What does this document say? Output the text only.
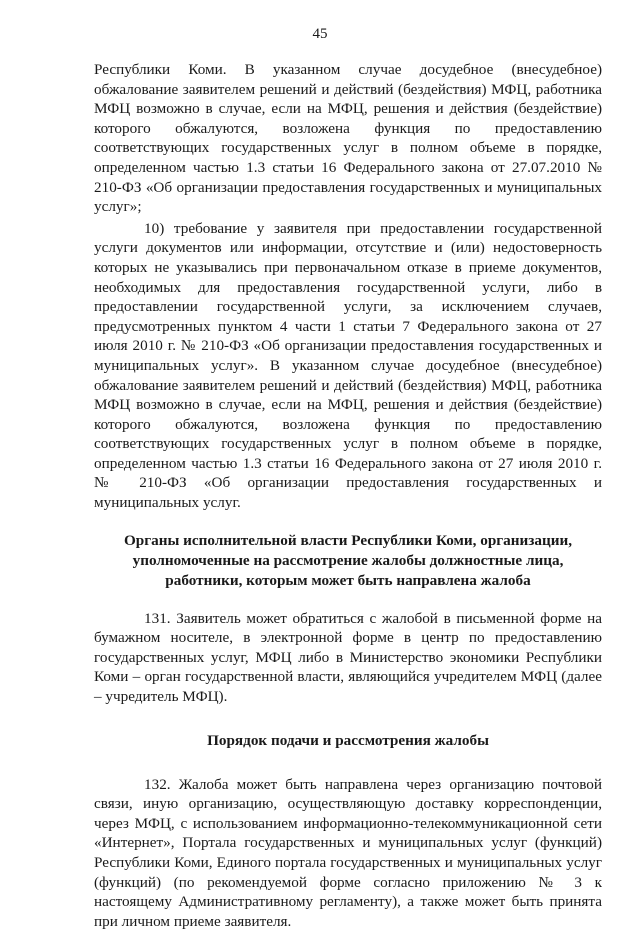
45

Республики Коми. В указанном случае досудебное (внесудебное) обжалование заявителем решений и действий (бездействия) МФЦ, работника МФЦ возможно в случае, если на МФЦ, решения и действия (бездействие) которого обжалуются, возложена функция по предоставлению соответствующих государственных услуг в полном объеме в порядке, определенном частью 1.3 статьи 16 Федерального закона от 27.07.2010 № 210-ФЗ «Об организации предоставления государственных и муниципальных услуг»;

10) требование у заявителя при предоставлении государственной услуги документов или информации, отсутствие и (или) недостоверность которых не указывались при первоначальном отказе в приеме документов, необходимых для предоставления государственной услуги, либо в предоставлении государственной услуги, за исключением случаев, предусмотренных пунктом 4 части 1 статьи 7 Федерального закона от 27 июля 2010 г. № 210-ФЗ «Об организации предоставления государственных и муниципальных услуг». В указанном случае досудебное (внесудебное) обжалование заявителем решений и действий (бездействия) МФЦ, работника МФЦ возможно в случае, если на МФЦ, решения и действия (бездействие) которого обжалуются, возложена функция по предоставлению соответствующих государственных услуг в полном объеме в порядке, определенном частью 1.3 статьи 16 Федерального закона от 27 июля 2010 г. № 210-ФЗ «Об организации предоставления государственных и муниципальных услуг.

Органы исполнительной власти Республики Коми, организации, уполномоченные на рассмотрение жалобы должностные лица, работники, которым может быть направлена жалоба

131. Заявитель может обратиться с жалобой в письменной форме на бумажном носителе, в электронной форме в центр по предоставлению государственных услуг, МФЦ либо в Министерство экономики Республики Коми – орган государственной власти, являющийся учредителем МФЦ (далее – учредитель МФЦ).

Порядок подачи и рассмотрения жалобы

132. Жалоба может быть направлена через организацию почтовой связи, иную организацию, осуществляющую доставку корреспонденции, через МФЦ, с использованием информационно-телекоммуникационной сети «Интернет», Портала государственных и муниципальных услуг (функций) Республики Коми, Единого портала государственных и муниципальных услуг (функций) (по рекомендуемой форме согласно приложению № 3 к настоящему Административному регламенту), а также может быть принята при личном приеме заявителя.
